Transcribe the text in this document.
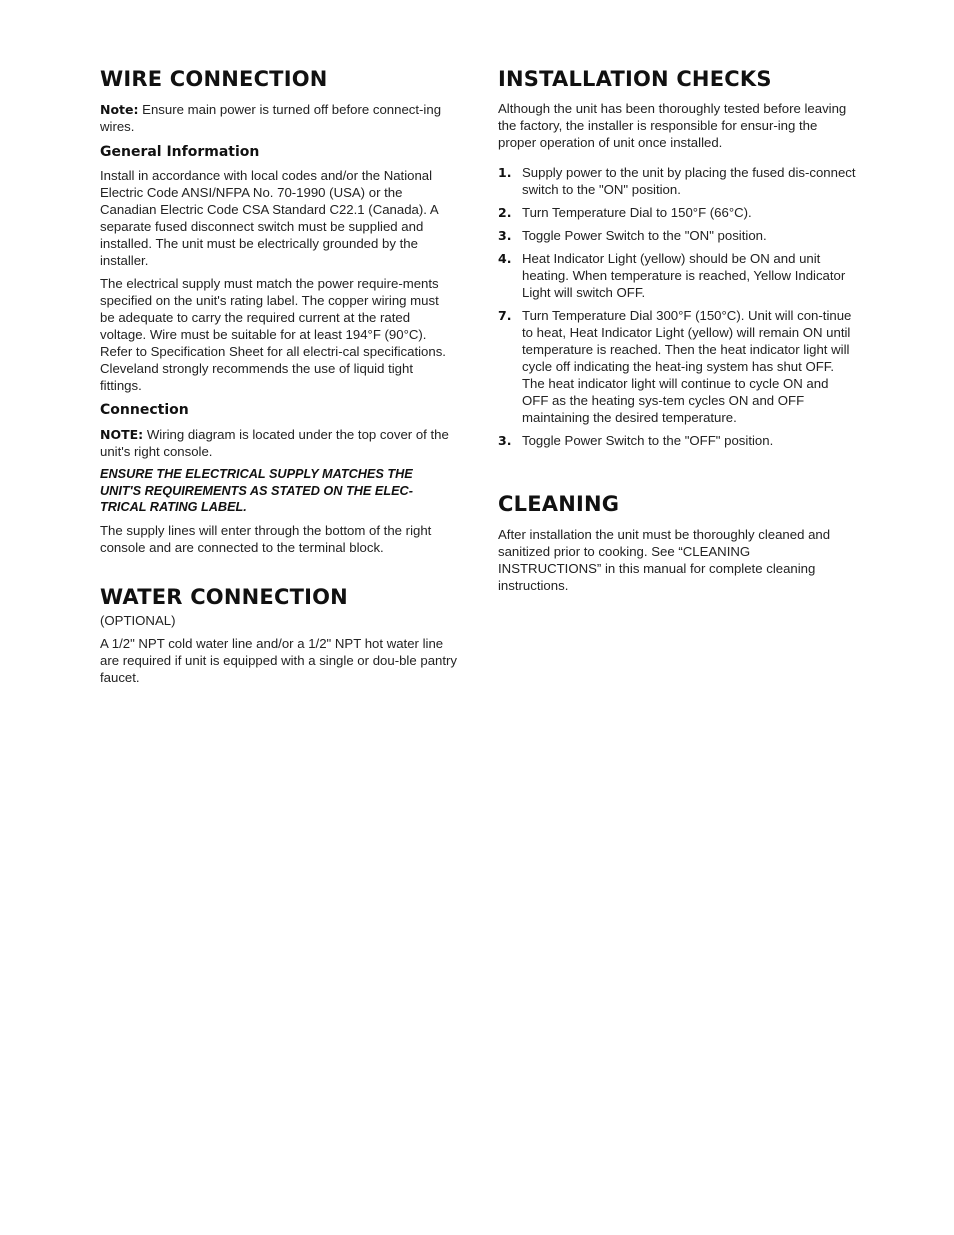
WIRE CONNECTION

Note: Ensure main power is turned off before connect-ing wires.

General Information

Install in accordance with local codes and/or the National Electric Code ANSI/NFPA No. 70-1990 (USA) or the Canadian Electric Code CSA Standard C22.1 (Canada). A separate fused disconnect switch must be supplied and installed. The unit must be electrically grounded by the installer.

The electrical supply must match the power require-ments specified on the unit's rating label. The copper wiring must be adequate to carry the required current at the rated voltage. Wire must be suitable for at least 194°F (90°C). Refer to Specification Sheet for all electri-cal specifications. Cleveland strongly recommends the use of liquid tight fittings.

Connection

NOTE: Wiring diagram is located under the top cover of the unit's right console.

ENSURE THE ELECTRICAL SUPPLY MATCHES THE UNIT'S REQUIREMENTS AS STATED ON THE ELEC-TRICAL RATING LABEL.

The supply lines will enter through the bottom of the right console and are connected to the terminal block.

WATER CONNECTION

(OPTIONAL)

A 1/2" NPT cold water line and/or a 1/2" NPT hot water line are required if unit is equipped with a single or dou-ble pantry faucet.

INSTALLATION CHECKS

Although the unit has been thoroughly tested before leaving the factory, the installer is responsible for ensur-ing the proper operation of unit once installed.

1. Supply power to the unit by placing the fused dis-connect switch to the "ON" position.
2. Turn Temperature Dial to 150°F (66°C).
3. Toggle Power Switch to the "ON" position.
4. Heat Indicator Light (yellow) should be ON and unit heating. When temperature is reached, Yellow Indicator Light will switch OFF.
7. Turn Temperature Dial 300°F (150°C). Unit will con-tinue to heat, Heat Indicator Light (yellow) will remain ON until temperature is reached. Then the heat indicator light will cycle off indicating the heat-ing system has shut OFF. The heat indicator light will continue to cycle ON and OFF as the heating sys-tem cycles ON and OFF maintaining the desired temperature.
3. Toggle Power Switch to the "OFF" position.
CLEANING

After installation the unit must be thoroughly cleaned and sanitized prior to cooking. See “CLEANING INSTRUCTIONS” in this manual for complete cleaning instructions.
